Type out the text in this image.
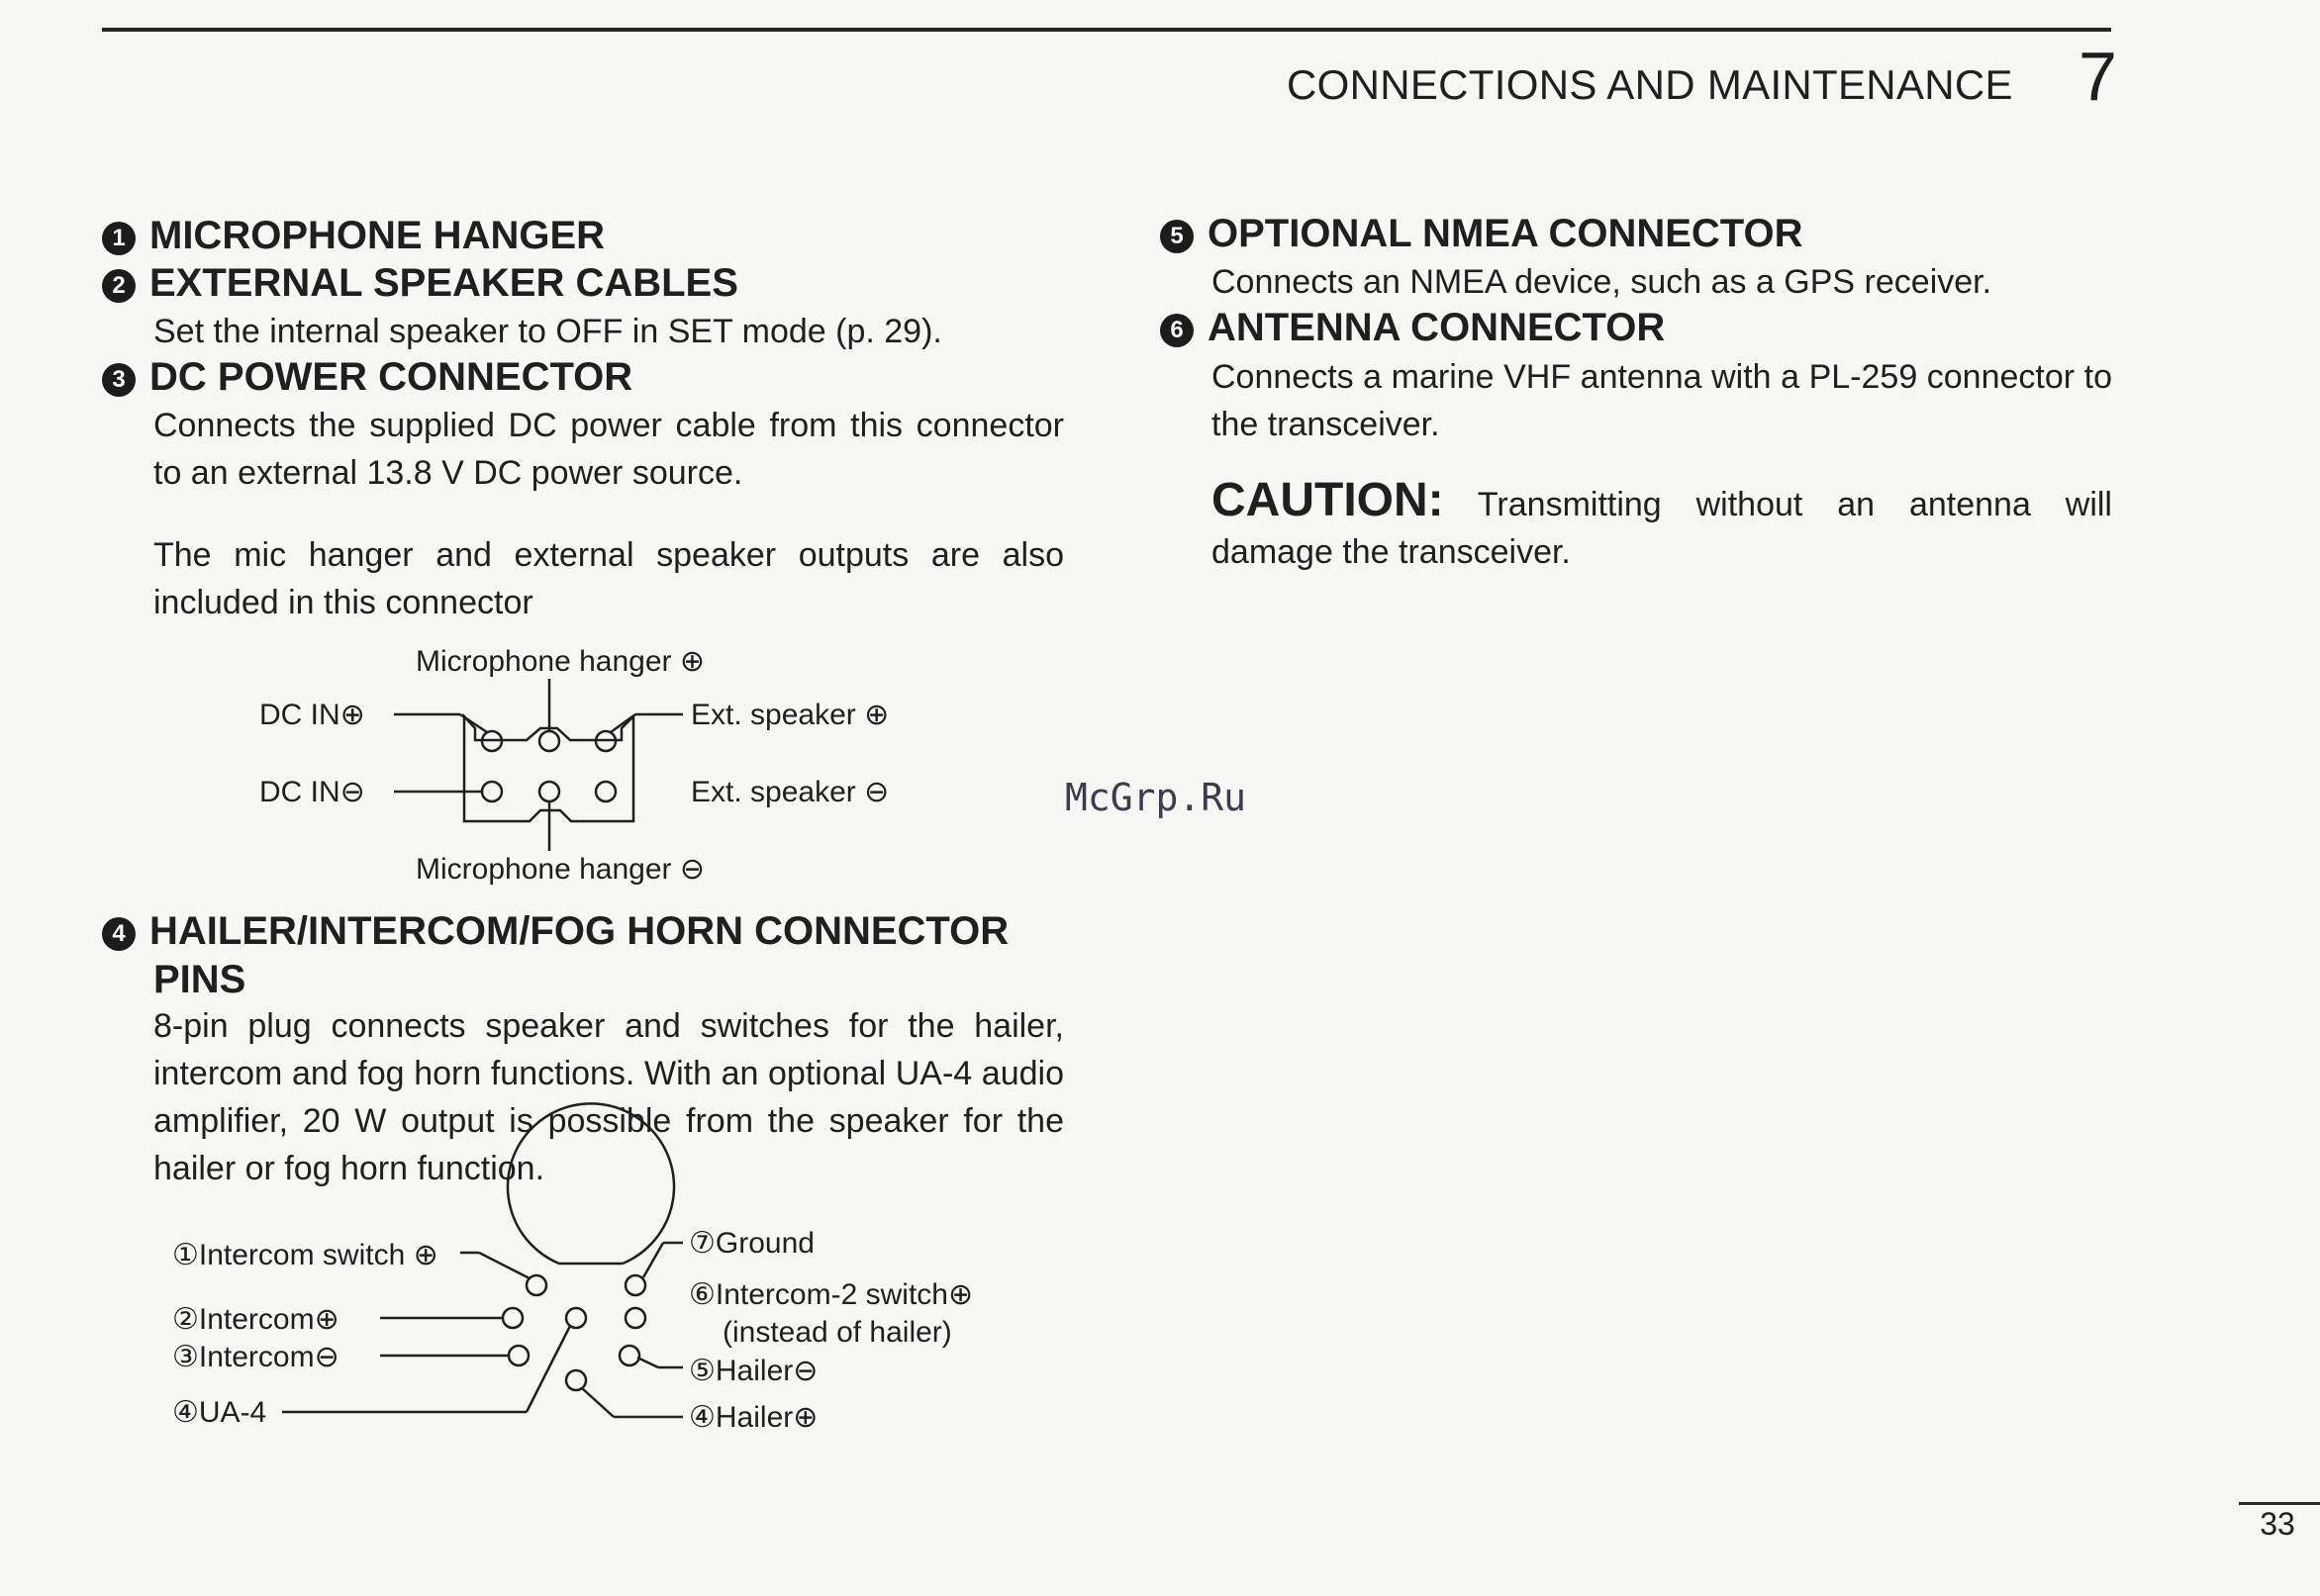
CONNECTIONS AND MAINTENANCE 7
1 MICROPHONE HANGER
2 EXTERNAL SPEAKER CABLES
Set the internal speaker to OFF in SET mode (p. 29).
3 DC POWER CONNECTOR
Connects the supplied DC power cable from this connector to an external 13.8 V DC power source.
The mic hanger and external speaker outputs are also included in this connector
Microphone hanger ⊕
DC IN⊕
DC IN⊖
Ext. speaker ⊕
Ext. speaker ⊖
Microphone hanger ⊖
4 HAILER/INTERCOM/FOG HORN CONNECTOR
PINS
8-pin plug connects speaker and switches for the hailer, intercom and fog horn functions. With an optional UA-4 audio amplifier, 20 W output is possible from the speaker for the hailer or fog horn function.
①Intercom switch ⊕
②Intercom⊕
③Intercom⊖
④UA-4
⑦Ground
⑥Intercom-2 switch⊕
(instead of hailer)
⑤Hailer⊖
④Hailer⊕
5 OPTIONAL NMEA CONNECTOR
Connects an NMEA device, such as a GPS receiver.
6 ANTENNA CONNECTOR
Connects a marine VHF antenna with a PL-259 connector to the transceiver.
CAUTION: Transmitting without an antenna will damage the transceiver.
McGrp.Ru
33
